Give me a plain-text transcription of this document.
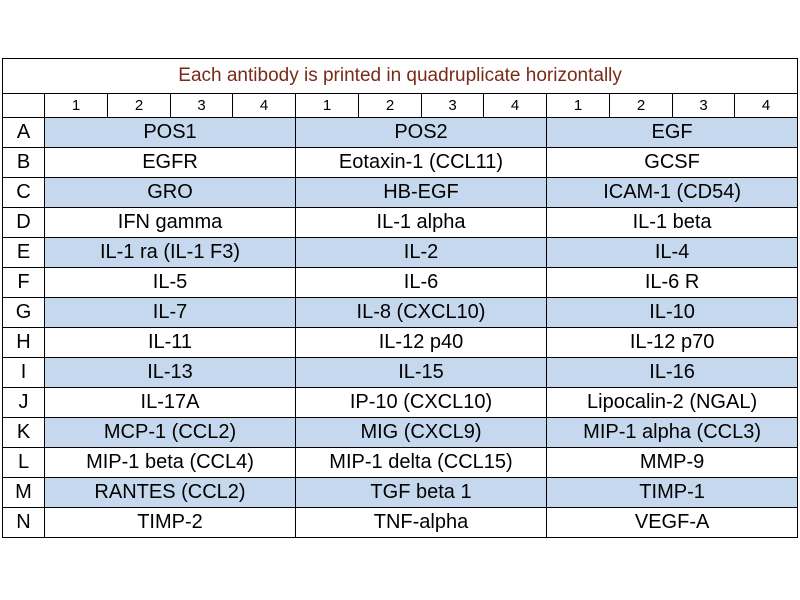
Each antibody is printed in quadruplicate horizontally												
	1	2	3	4	1	2	3	4	1	2	3	4
A	POS1				POS2				EGF			
B	EGFR				Eotaxin-1 (CCL11)				GCSF			
C	GRO				HB-EGF				ICAM-1 (CD54)			
D	IFN gamma				IL-1 alpha				IL-1 beta			
E	IL-1 ra (IL-1 F3)				IL-2				IL-4			
F	IL-5				IL-6				IL-6 R			
G	IL-7				IL-8 (CXCL10)				IL-10			
H	IL-11				IL-12 p40				IL-12 p70			
I	IL-13				IL-15				IL-16			
J	IL-17A				IP-10 (CXCL10)				Lipocalin-2 (NGAL)			
K	MCP-1 (CCL2)				MIG (CXCL9)				MIP-1 alpha (CCL3)			
L	MIP-1 beta (CCL4)				MIP-1 delta (CCL15)				MMP-9			
M	RANTES (CCL2)				TGF beta 1				TIMP-1			
N	TIMP-2				TNF-alpha				VEGF-A			
